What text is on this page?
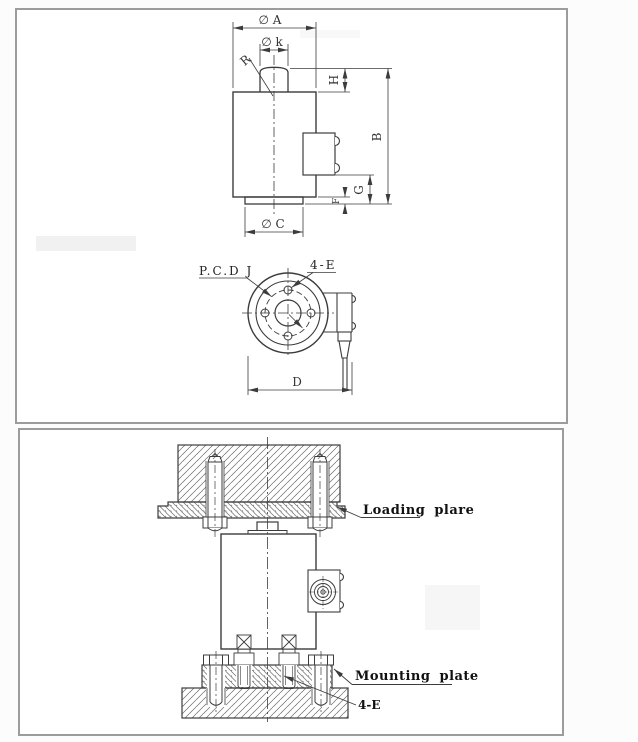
∅ A
∅ k
R
H
B
G
F
∅ C
P.C.D J	4-E
D
Loading plare
Mounting plate
4-E
